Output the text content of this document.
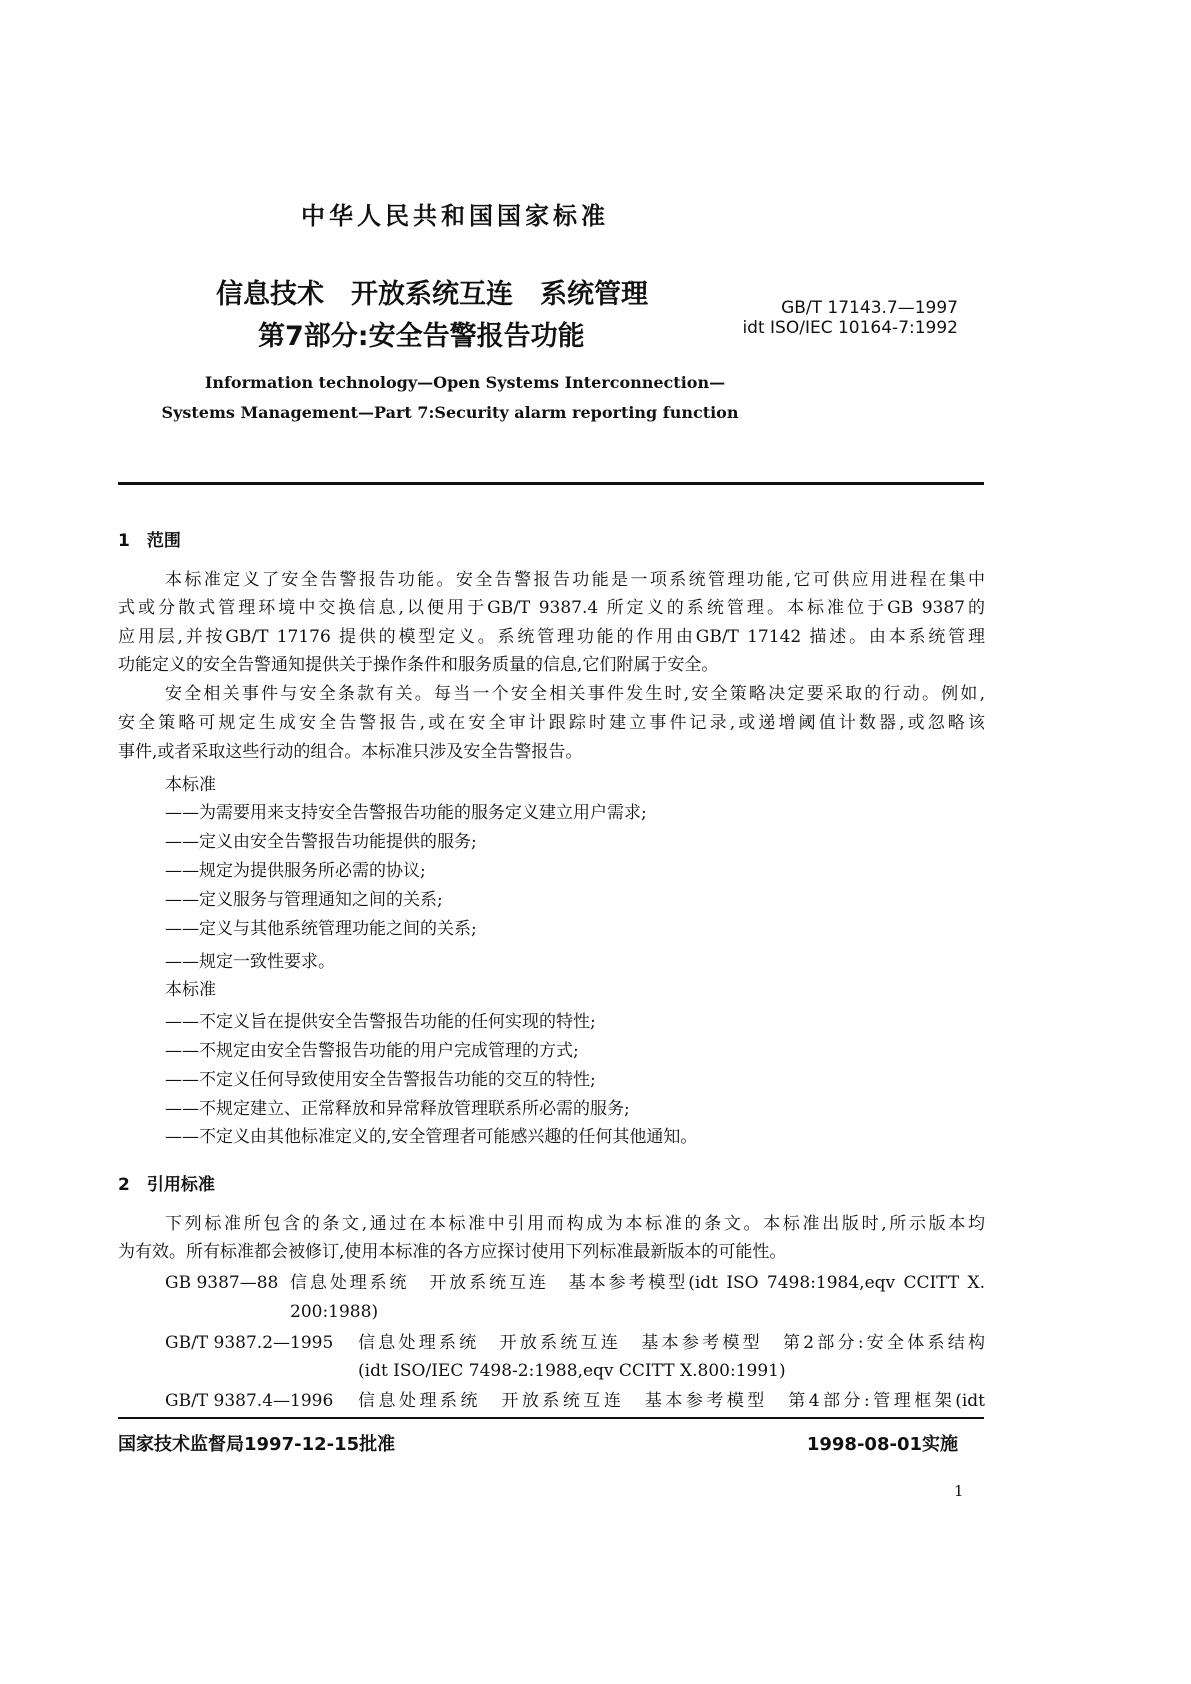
中华人民共和国国家标准
信息技术　开放系统互连　系统管理
第7部分:安全告警报告功能
GB/T 17143.7—1997
idt ISO/IEC 10164-7:1992
Information technology—Open Systems Interconnection—
Systems Management—Part 7:Security alarm reporting function
1　 范围
本标准定义了安全告警报告功能。安全告警报告功能是一项系统管理功能,它可供应用进程在集中
式或分散式管理环境中交换信息,以便用于GB/T 9387.4 所定义的系统管理。本标准位于GB 9387的
应用层,并按GB/T 17176 提供的模型定义。系统管理功能的作用由GB/T 17142 描述。由本系统管理
功能定义的安全告警通知提供关于操作条件和服务质量的信息,它们附属于安全。
安全相关事件与安全条款有关。每当一个安全相关事件发生时,安全策略决定要采取的行动。例如,
安全策略可规定生成安全告警报告,或在安全审计跟踪时建立事件记录,或递增阈值计数器,或忽略该
事件,或者采取这些行动的组合。本标准只涉及安全告警报告。
本标准
——为需要用来支持安全告警报告功能的服务定义建立用户需求;
——定义由安全告警报告功能提供的服务;
——规定为提供服务所必需的协议;
——定义服务与管理通知之间的关系;
——定义与其他系统管理功能之间的关系;
——规定一致性要求。
本标准
——不定义旨在提供安全告警报告功能的任何实现的特性;
——不规定由安全告警报告功能的用户完成管理的方式;
——不定义任何导致使用安全告警报告功能的交互的特性;
——不规定建立、正常释放和异常释放管理联系所必需的服务;
——不定义由其他标准定义的,安全管理者可能感兴趣的任何其他通知。
2　 引用标准
下列标准所包含的条文,通过在本标准中引用而构成为本标准的条文。本标准出版时,所示版本均
为有效。所有标准都会被修订,使用本标准的各方应探讨使用下列标准最新版本的可能性。
GB 9387—88 信息处理系统　开放系统互连　基本参考模型(idt ISO 7498:1984,eqv CCITT X.
200:1988)
GB/T 9387.2—1995 信息处理系统　开放系统互连　基本参考模型　第2部分:安全体系结构
(idt ISO/IEC 7498-2:1988,eqv CCITT X.800:1991)
GB/T 9387.4—1996 信息处理系统　开放系统互连　基本参考模型　第4部分:管理框架(idt
国家技术监督局1997-12-15批准	1998-08-01实施
1
